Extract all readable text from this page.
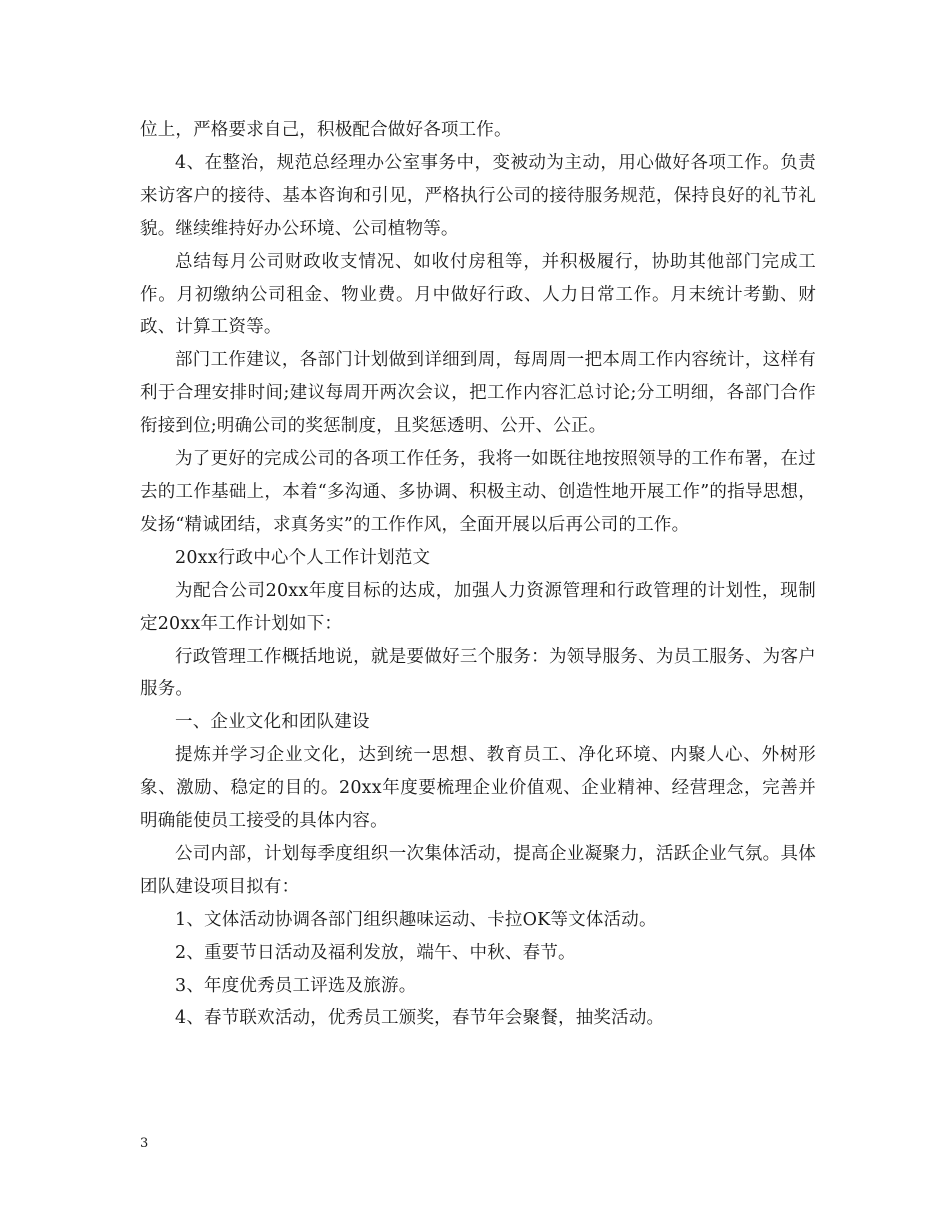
位上，严格要求自己，积极配合做好各项工作。

4、在整治，规范总经理办公室事务中，变被动为主动，用心做好各项工作。负责来访客户的接待、基本咨询和引见，严格执行公司的接待服务规范，保持良好的礼节礼貌。继续维持好办公环境、公司植物等。

总结每月公司财政收支情况、如收付房租等，并积极履行，协助其他部门完成工作。月初缴纳公司租金、物业费。月中做好行政、人力日常工作。月末统计考勤、财政、计算工资等。

部门工作建议，各部门计划做到详细到周，每周周一把本周工作内容统计，这样有利于合理安排时间;建议每周开两次会议，把工作内容汇总讨论;分工明细，各部门合作衔接到位;明确公司的奖惩制度，且奖惩透明、公开、公正。

为了更好的完成公司的各项工作任务，我将一如既往地按照领导的工作布署，在过去的工作基础上，本着“多沟通、多协调、积极主动、创造性地开展工作”的指导思想，发扬“精诚团结，求真务实”的工作作风，全面开展以后再公司的工作。

20xx行政中心个人工作计划范文

为配合公司20xx年度目标的达成，加强人力资源管理和行政管理的计划性，现制定20xx年工作计划如下：

行政管理工作概括地说，就是要做好三个服务：为领导服务、为员工服务、为客户服务。

一、企业文化和团队建设

提炼并学习企业文化，达到统一思想、教育员工、净化环境、内聚人心、外树形象、激励、稳定的目的。20xx年度要梳理企业价值观、企业精神、经营理念，完善并明确能使员工接受的具体内容。

公司内部，计划每季度组织一次集体活动，提高企业凝聚力，活跃企业气氛。具体团队建设项目拟有：

1、文体活动协调各部门组织趣味运动、卡拉OK等文体活动。

2、重要节日活动及福利发放，端午、中秋、春节。

3、年度优秀员工评选及旅游。

4、春节联欢活动，优秀员工颁奖，春节年会聚餐，抽奖活动。

3
